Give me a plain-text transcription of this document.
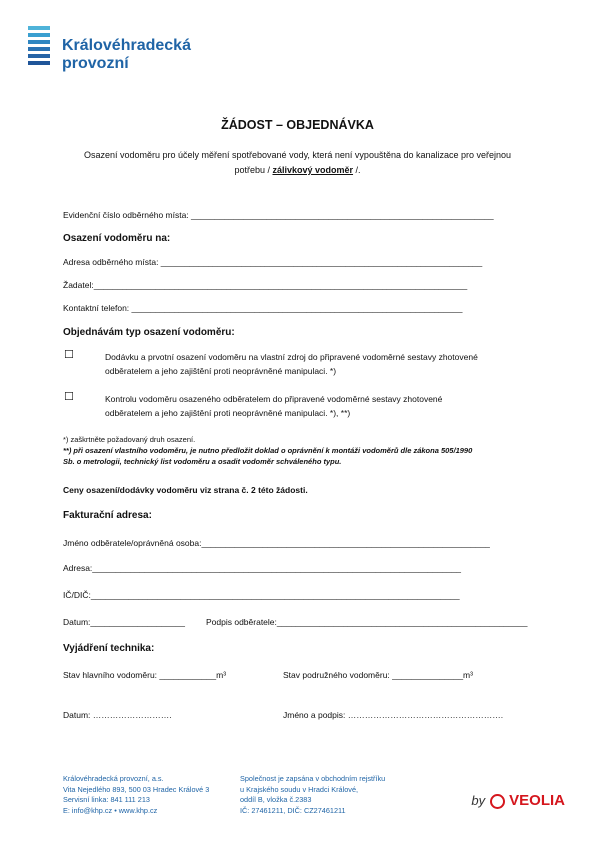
Královéhradecká
provozní
ŽÁDOST – OBJEDNÁVKA
Osazení vodoměru pro účely měření spotřebované vody, která není vypouštěna do kanalizace pro veřejnou
potřebu / zálivkový vodoměr /.
Evidenční číslo odběrného místa: ________________________________________________________________
Osazení vodoměru na:
Adresa odběrného místa: ____________________________________________________________________
Žadatel:_______________________________________________________________________________
Kontaktní telefon: ______________________________________________________________________
Objednávám typ osazení vodoměru:
☐	Dodávku a prvotní osazení vodoměru na vlastní zdroj do připravené vodoměrné sestavy zhotovené
odběratelem a jeho zajištění proti neoprávněné manipulaci. *)
☐	Kontrolu vodoměru osazeného odběratelem do připravené vodoměrné sestavy zhotovené
odběratelem a jeho zajištění proti neoprávněné manipulaci. *), **)
*) zaškrtněte požadovaný druh osazení.
**) při osazení vlastního vodoměru, je nutno předložit doklad o oprávnění k montáži vodoměrů dle zákona 505/1990
Sb. o metrologii, technický list vodoměru a osadit vodoměr schváleného typu.
Ceny osazení/dodávky vodoměru viz strana č. 2 této žádosti.
Fakturační adresa:
Jméno odběratele/oprávněná osoba:_____________________________________________________________
Adresa:______________________________________________________________________________
IČ/DIČ:______________________________________________________________________________
Datum:____________________ Podpis odběratele:_____________________________________________________
Vyjádření technika:
Stav hlavního vodoměru: ____________m³	Stav podružného vodoměru: _______________m³
Datum: ……………………….	Jméno a podpis: ……………………………………………….
Královéhradecká provozní, a.s.
Vita Nejedlého 893, 500 03 Hradec Králové 3
Servisní linka: 841 111 213
E: info@khp.cz • www.khp.cz
Společnost je zapsána v obchodním rejstříku
u Krajského soudu v Hradci Králové,
oddíl B, vložka č.2383
IČ: 27461211, DIČ: CZ27461211
by VEOLIA
